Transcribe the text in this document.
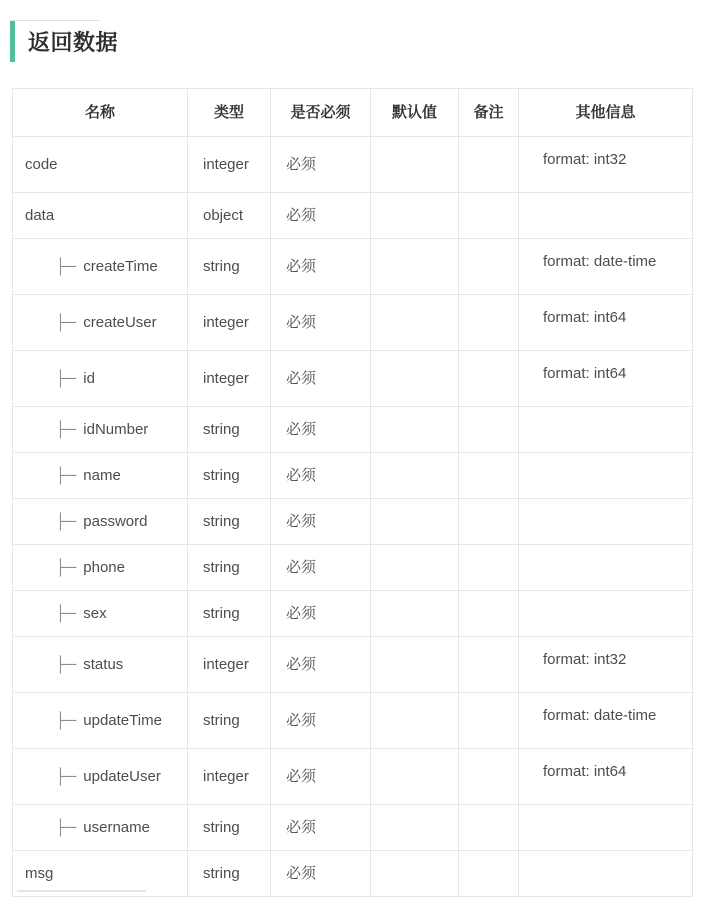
返回数据
名称	类型	是否必须	默认值	备注	其他信息
code	integer	必须			format: int32

data	object	必须			

├─ createTime	string	必须			format: date-time

├─ createUser	integer	必须			format: int64

├─ id	integer	必须			format: int64

├─ idNumber	string	必须			

├─ name	string	必须			

├─ password	string	必须			

├─ phone	string	必须			

├─ sex	string	必须			

├─ status	integer	必须			format: int32

├─ updateTime	string	必须			format: date-time

├─ updateUser	integer	必须			format: int64

├─ username	string	必须			

msg	string	必须			
